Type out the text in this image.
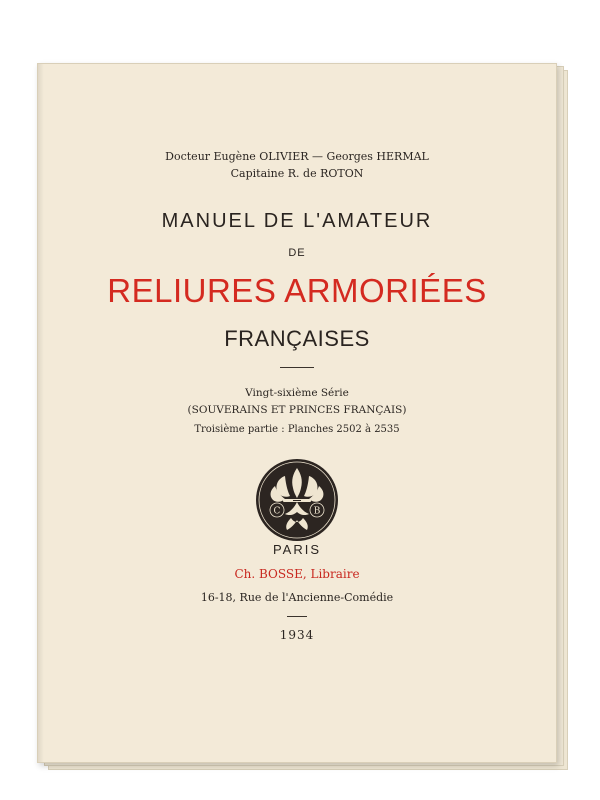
Docteur Eugène OLIVIER — Georges HERMAL
Capitaine R. de ROTON
MANUEL DE L'AMATEUR
DE
RELIURES ARMORIÉES
FRANÇAISES
Vingt-sixième Série
(SOUVERAINS ET PRINCES FRANÇAIS)
Troisième partie : Planches 2502 à 2535
C	B
PARIS
Ch. BOSSE, Libraire
16-18, Rue de l'Ancienne-Comédie
1934
